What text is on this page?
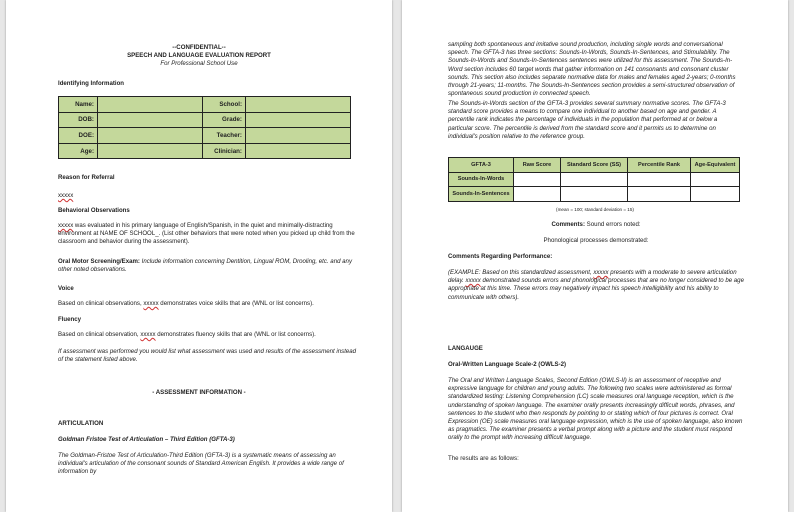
--CONFIDENTIAL--
SPEECH AND LANGUAGE EVALUATION REPORT
For Professional School Use
Identifying Information
Name:		School:	
DOB:		Grade:	
DOE:		Teacher:	
Age:		Clinician:	
Reason for Referral
xxxxx
Behavioral Observations
xxxxx was evaluated in his primary language of English/Spanish, in the quiet and minimally-distracting environment at NAME OF SCHOOL_. (List other behaviors that were noted when you picked up child from the classroom and behavior during the assessment).
Oral Motor Screening/Exam: Include information concerning Dentition, Lingual ROM, Drooling, etc. and any other noted observations.
Voice
Based on clinical observations, xxxxx demonstrates voice skills that are (WNL or list concerns).
Fluency
Based on clinical observation, xxxxx demonstrates fluency skills that are (WNL or list concerns).
If assessment was performed you would list what assessment was used and results of the assessment instead of the statement listed above.
- ASSESSMENT INFORMATION -
ARTICULATION
Goldman Fristoe Test of Articulation – Third Edition (GFTA-3)
The Goldman-Fristoe Test of Articulation-Third Edition (GFTA-3) is a systematic means of assessing an individual's articulation of the consonant sounds of Standard American English. It provides a wide range of information by
sampling both spontaneous and imitative sound production, including single words and conversational speech. The GFTA-3 has three sections: Sounds-In-Words, Sounds-In-Sentences, and Stimulability. The Sounds-In-Words and Sounds-In-Sentences sentences were utilized for this assessment. The Sounds-In-Word section includes 60 target words that gather information on 141 consonants and consonant cluster sounds. This section also includes separate normative data for males and females aged 2-years; 0-months through 21-years; 11-months. The Sounds-In-Sentences section provides a semi-structured observation of spontaneous sound production in connected speech.
The Sounds-in-Words section of the GFTA-3 provides several summary normative scores. The GFTA-3 standard score provides a means to compare one individual to another based on age and gender. A percentile rank indicates the percentage of individuals in the population that performed at or below a particular score. The percentile is derived from the standard score and it permits us to determine on individual's position relative to the reference group.
GFTA-3	Raw Score	Standard Score (SS)	Percentile Rank	Age-Equivalent
Sounds-In-Words				
Sounds-In-Sentences				
(mean = 100; standard deviation = 15)
Comments: Sound errors noted:
Phonological processes demonstrated:
Comments Regarding Performance:
(EXAMPLE: Based on this standardized assessment, xxxxx presents with a moderate to severe articulation delay. xxxxx demonstrated sounds errors and phonological processes that are no longer considered to be age appropriate at this time. These errors may negatively impact his speech intelligibility and his ability to communicate with others).
LANGAUGE
Oral-Written Language Scale-2 (OWLS-2)
The Oral and Written Language Scales, Second Edition (OWLS-II) is an assessment of receptive and expressive language for children and young adults. The following two scales were administered as formal standardized testing: Listening Comprehension (LC) scale measures oral language reception, which is the understanding of spoken language. The examiner orally presents increasingly difficult words, phrases, and sentences to the student who then responds by pointing to or stating which of four pictures is correct. Oral Expression (OE) scale measures oral language expression, which is the use of spoken language, also known as pragmatics. The examiner presents a verbal prompt along with a picture and the student must respond orally to the prompt with increasing difficult language.
The results are as follows:
